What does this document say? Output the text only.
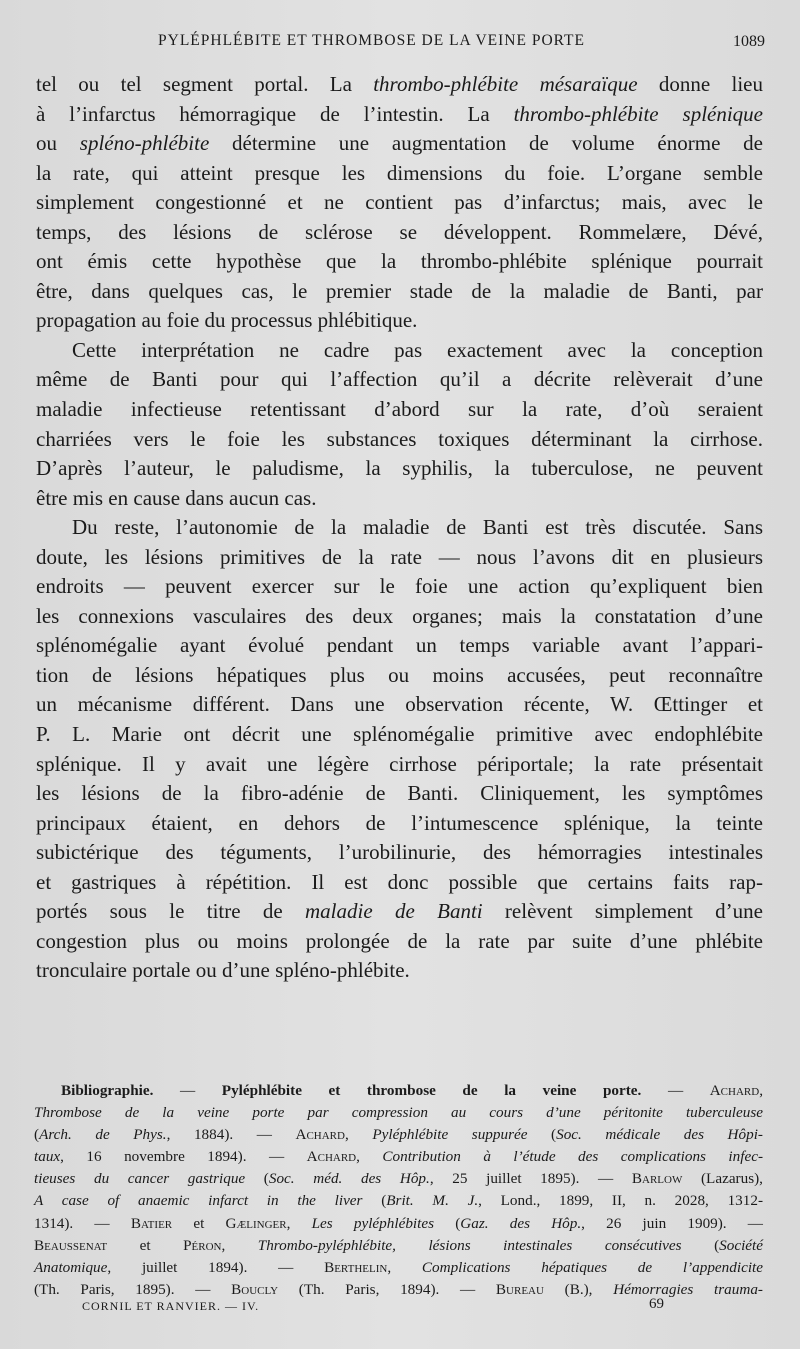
PYLÉPHLÉBITE ET THROMBOSE DE LA VEINE PORTE	1089
tel ou tel segment portal. La thrombo-phlébite mésaraïque donne lieu
à l’infarctus hémorragique de l’intestin. La thrombo-phlébite splénique
ou spléno-phlébite détermine une augmentation de volume énorme de
la rate, qui atteint presque les dimensions du foie. L’organe semble
simplement congestionné et ne contient pas d’infarctus; mais, avec le
temps, des lésions de sclérose se développent. Rommelære, Dévé,
ont émis cette hypothèse que la thrombo-phlébite splénique pourrait
être, dans quelques cas, le premier stade de la maladie de Banti, par
propagation au foie du processus phlébitique.
Cette interprétation ne cadre pas exactement avec la conception
même de Banti pour qui l’affection qu’il a décrite relèverait d’une
maladie infectieuse retentissant d’abord sur la rate, d’où seraient
charriées vers le foie les substances toxiques déterminant la cirrhose.
D’après l’auteur, le paludisme, la syphilis, la tuberculose, ne peuvent
être mis en cause dans aucun cas.
Du reste, l’autonomie de la maladie de Banti est très discutée. Sans
doute, les lésions primitives de la rate — nous l’avons dit en plusieurs
endroits — peuvent exercer sur le foie une action qu’expliquent bien
les connexions vasculaires des deux organes; mais la constatation d’une
splénomégalie ayant évolué pendant un temps variable avant l’appari-
tion de lésions hépatiques plus ou moins accusées, peut reconnaître
un mécanisme différent. Dans une observation récente, W. Œttinger et
P. L. Marie ont décrit une splénomégalie primitive avec endophlébite
splénique. Il y avait une légère cirrhose périportale; la rate présentait
les lésions de la fibro-adénie de Banti. Cliniquement, les symptômes
principaux étaient, en dehors de l’intumescence splénique, la teinte
subictérique des téguments, l’urobilinurie, des hémorragies intestinales
et gastriques à répétition. Il est donc possible que certains faits rap-
portés sous le titre de maladie de Banti relèvent simplement d’une
congestion plus ou moins prolongée de la rate par suite d’une phlébite
tronculaire portale ou d’une spléno-phlébite.
Bibliographie. — Pyléphlébite et thrombose de la veine porte. — Achard,
Thrombose de la veine porte par compression au cours d’une péritonite tuberculeuse
(Arch. de Phys., 1884). — Achard, Pyléphlébite suppurée (Soc. médicale des Hôpi-
taux, 16 novembre 1894). — Achard, Contribution à l’étude des complications infec-
tieuses du cancer gastrique (Soc. méd. des Hôp., 25 juillet 1895). — Barlow (Lazarus),
A case of anaemic infarct in the liver (Brit. M. J., Lond., 1899, II, n. 2028, 1312-
1314). — Batier et Gælinger, Les pyléphlébites (Gaz. des Hôp., 26 juin 1909). —
Beaussenat et Péron, Thrombo-pyléphlébite, lésions intestinales consécutives (Société
Anatomique, juillet 1894). — Berthelin, Complications hépatiques de l’appendicite
(Th. Paris, 1895). — Boucly (Th. Paris, 1894). — Bureau (B.), Hémorragies trauma-
CORNIL ET RANVIER. — IV.	69
